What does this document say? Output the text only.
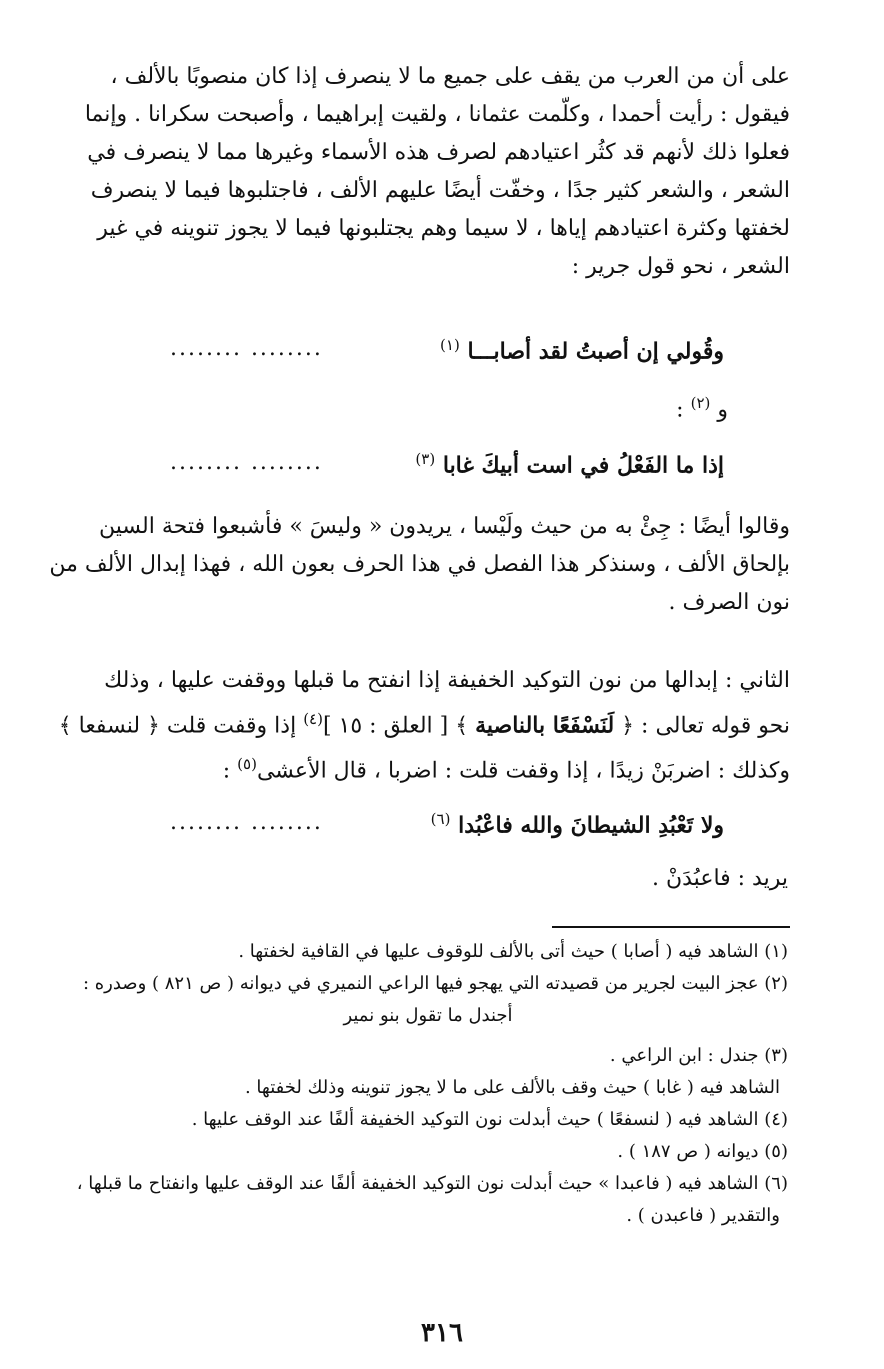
على أن من العرب من يقف على جميع ما لا ينصرف إذا كان منصوبًا بالألف ،
فيقول : رأيت أحمدا ، وكلّمت عثمانا ، ولقيت إبراهيما ، وأصبحت سكرانا . وإنما
فعلوا ذلك لأنهم قد كثُر اعتيادهم لصرف هذه الأسماء وغيرها مما لا ينصرف في
الشعر ، والشعر كثير جدًا ، وخفّت أيضًا عليهم الألف ، فاجتلبوها فيما لا ينصرف
لخفتها وكثرة اعتيادهم إياها ، لا سيما وهم يجتلبونها فيما لا يجوز تنوينه في غير
الشعر ، نحو قول جرير :
وقُولي إن أصبتُ لقد أصابـــا $^{(١)}$
........ ........
و $^{(٢)}$ :
إذا ما الفَعْلُ في است أبيكَ غابا $^{(٣)}$
........ ........
وقالوا أيضًا : جِئْ به من حيث ولَيْسا ، يريدون « وليسَ » فأشبعوا فتحة السين
بإلحاق الألف ، وسنذكر هذا الفصل في هذا الحرف بعون الله ، فهذا إبدال الألف من
نون الصرف .
الثاني : إبدالها من نون التوكيد الخفيفة إذا انفتح ما قبلها ووقفت عليها ، وذلك
نحو قوله تعالى : ﴿ لَنَسْفَعًا بالناصية ﴾ [ العلق : ١٥ ]$^{(٤)}$ إذا وقفت قلت ﴿ لنسفعا ﴾
وكذلك : اضربَنْ زيدًا ، إذا وقفت قلت : اضربا ، قال الأعشى$^{(٥)}$ :
ولا تَعْبُدِ الشيطانَ والله فاعْبُدا $^{(٦)}$
........ ........
يريد : فاعبُدَنْ .
(١) الشاهد فيه ( أصابا ) حيث أتى بالألف للوقوف عليها في القافية لخفتها .
(٢) عجز البيت لجرير من قصيدته التي يهجو فيها الراعي النميري في ديوانه ( ص ٨٢١ ) وصدره :
أجندل ما تقول بنو نمير
(٣) جندل : ابن الراعي .
الشاهد فيه ( غابا ) حيث وقف بالألف على ما لا يجوز تنوينه وذلك لخفتها .
(٤) الشاهد فيه ( لنسفعًا ) حيث أبدلت نون التوكيد الخفيفة ألفًا عند الوقف عليها .
(٥) ديوانه ( ص ١٨٧ ) .
(٦) الشاهد فيه ( فاعبدا » حيث أبدلت نون التوكيد الخفيفة ألفًا عند الوقف عليها وانفتاح ما قبلها ،
والتقدير ( فاعبدن ) .
٣١٦
